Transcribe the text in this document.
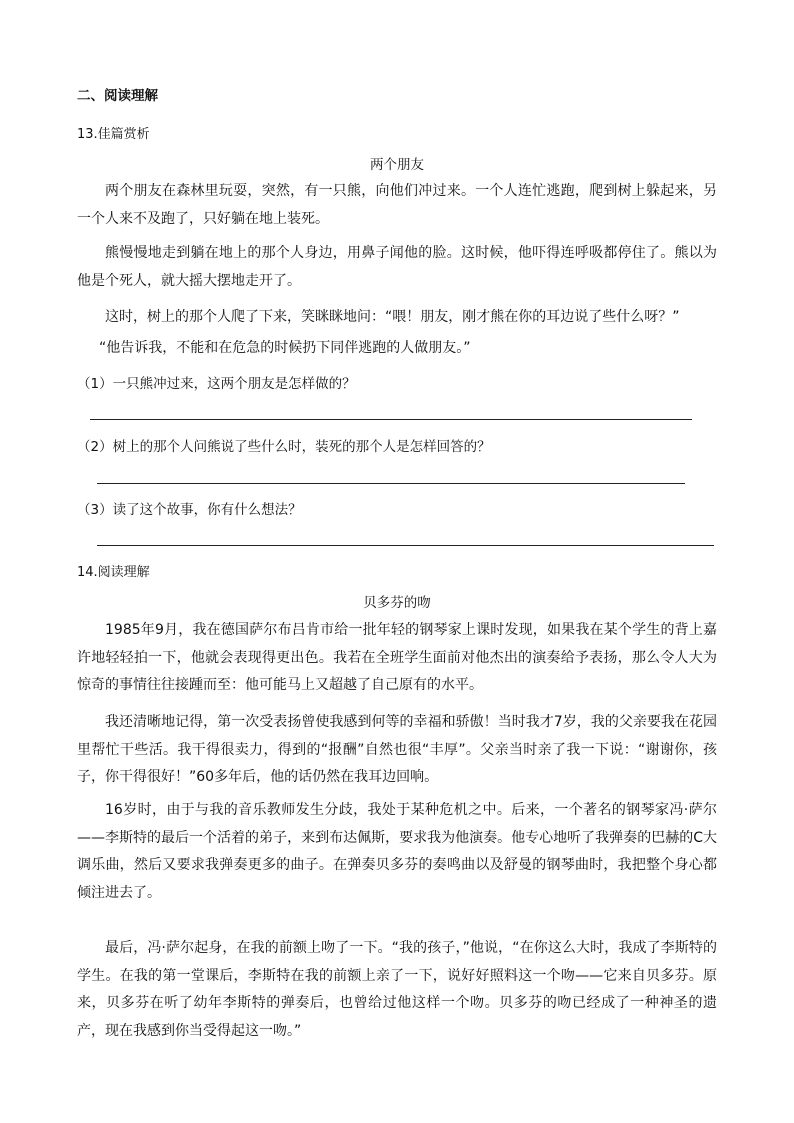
二、阅读理解
13.佳篇赏析
两个朋友

两个朋友在森林里玩耍，突然，有一只熊，向他们冲过来。一个人连忙逃跑，爬到树上躲起来，另一个人来不及跑了，只好躺在地上装死。

熊慢慢地走到躺在地上的那个人身边，用鼻子闻他的脸。这时候，他吓得连呼吸都停住了。熊以为他是个死人，就大摇大摆地走开了。

这时，树上的那个人爬了下来，笑眯眯地问：“喂！朋友，刚才熊在你的耳边说了些什么呀？”

“他告诉我，不能和在危急的时候扔下同伴逃跑的人做朋友。”

（1）一只熊冲过来，这两个朋友是怎样做的？
（2）树上的那个人问熊说了些什么时，装死的那个人是怎样回答的？
（3）读了这个故事，你有什么想法？
14.阅读理解
贝多芬的吻

1985年9月，我在德国萨尔布吕肯市给一批年轻的钢琴家上课时发现，如果我在某个学生的背上嘉许地轻轻拍一下，他就会表现得更出色。我若在全班学生面前对他杰出的演奏给予表扬，那么令人大为惊奇的事情往往接踵而至：他可能马上又超越了自己原有的水平。

我还清晰地记得，第一次受表扬曾使我感到何等的幸福和骄傲！当时我才7岁，我的父亲要我在花园里帮忙干些活。我干得很卖力，得到的“报酬”自然也很“丰厚”。父亲当时亲了我一下说：“谢谢你，孩子，你干得很好！”60多年后，他的话仍然在我耳边回响。

16岁时，由于与我的音乐教师发生分歧，我处于某种危机之中。后来，一个著名的钢琴家冯·萨尔——李斯特的最后一个活着的弟子，来到布达佩斯，要求我为他演奏。他专心地听了我弹奏的巴赫的C大调乐曲，然后又要求我弹奏更多的曲子。在弹奏贝多芬的奏鸣曲以及舒曼的钢琴曲时，我把整个身心都倾注进去了。

最后，冯·萨尔起身，在我的前额上吻了一下。“我的孩子，”他说，“在你这么大时，我成了李斯特的学生。在我的第一堂课后，李斯特在我的前额上亲了一下，说好好照料这一个吻——它来自贝多芬。原来，贝多芬在听了幼年李斯特的弹奏后，也曾给过他这样一个吻。贝多芬的吻已经成了一种神圣的遗产，现在我感到你当受得起这一吻。”
